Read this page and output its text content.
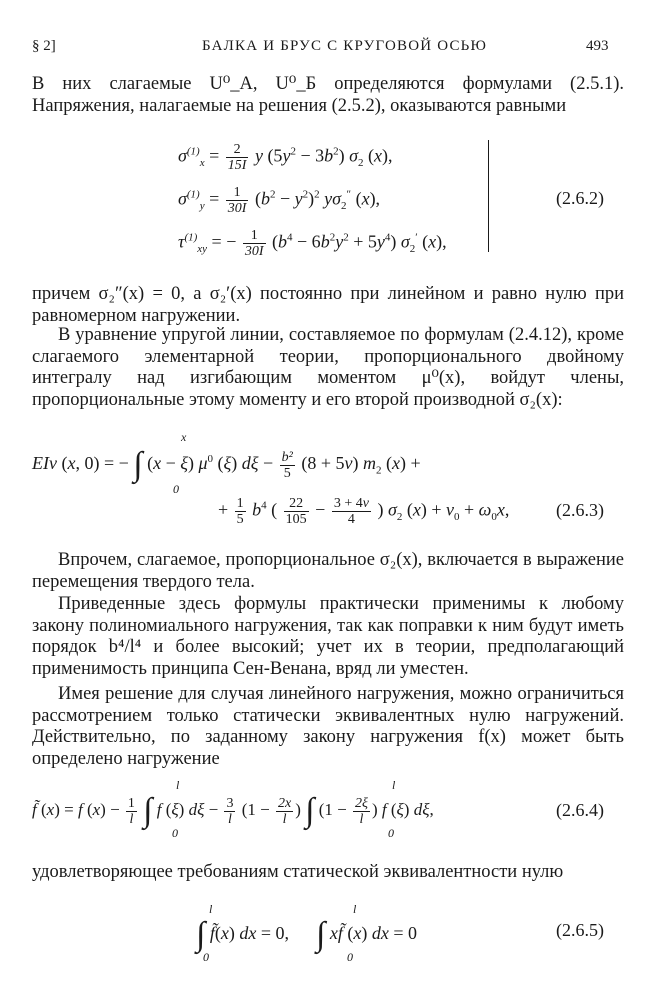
§ 2]	БАЛКА И БРУС С КРУГОВОЙ ОСЬЮ	493
В них слагаемые U⁰_А, U⁰_Б определяются формулами (2.5.1). Напряжения, налагаемые на решения (2.5.2), оказываются равными
$\sigma^{(1)}_x = \frac{2}{15I}$ y $(5y^2 - 3b^2)$ $\sigma_2$ (x),
$\sigma^{(1)}_y = \frac{1}{30I} (b^2 - y^2)^2$ $y\sigma_2''$ (x),
$\tau^{(1)}_{xy}$ = − $\frac{1}{30I} (b^4 - 6b^2y^2 + 5y^4)$ $\sigma_2'$ (x),
(2.6.2)
причем σ₂″(x) = 0, а σ₂′(x) постоянно при линейном и равно нулю при равномерном нагружении.
В уравнение упругой линии, составляемое по формулам (2.4.12), кроме слагаемого элементарной теории, пропорционального двойному интегралу над изгибающим моментом μ⁰(x), войдут члены, пропорциональные этому моменту и его второй производной σ₂(x):
EIv (x, 0) = − ∫ (x − ξ) $\mu^0$ (ξ) $d\xi - \frac{\text{b²}}{5} (8 + 5\nu)$ $m_2$ (x) +
x
0
+ $\frac{1}{5} b^4$ ( $\frac{22}{105} - \frac{3 + 4\nu}{4}$ ) $\sigma_2$ $(x) + v_0 + \omega_0x$,	(2.6.3)
Впрочем, слагаемое, пропорциональное σ₂(x), включается в выражение перемещения твердого тела.
Приведенные здесь формулы практически применимы к любому закону полиномиального нагружения, так как поправки к ним будут иметь порядок b⁴/l⁴ и более высокий; учет их в теории, предполагающий применимость принципа Сен-Венана, вряд ли уместен.
Имея решение для случая линейного нагружения, можно ограничиться рассмотрением только статически эквивалентных нулю нагружений. Действительно, по заданному закону нагружения f(x) может быть определено нагружение
f̃ (x) = f $(x) - \frac{1}{l}$ ∫ f (ξ) $d\xi - \frac{3}{l} (1 - \frac{2x}{l}$ ) ∫ ($1 - \frac{2\xi}{l}$ ) f (ξ) dξ,
l
0
l
0
(2.6.4)
удовлетворяющее требованиям статической эквивалентности нулю
∫ f̃(x) dx = 0,      ∫ xf̃ (x) dx = 0
l
0
l
0
(2.6.5)
